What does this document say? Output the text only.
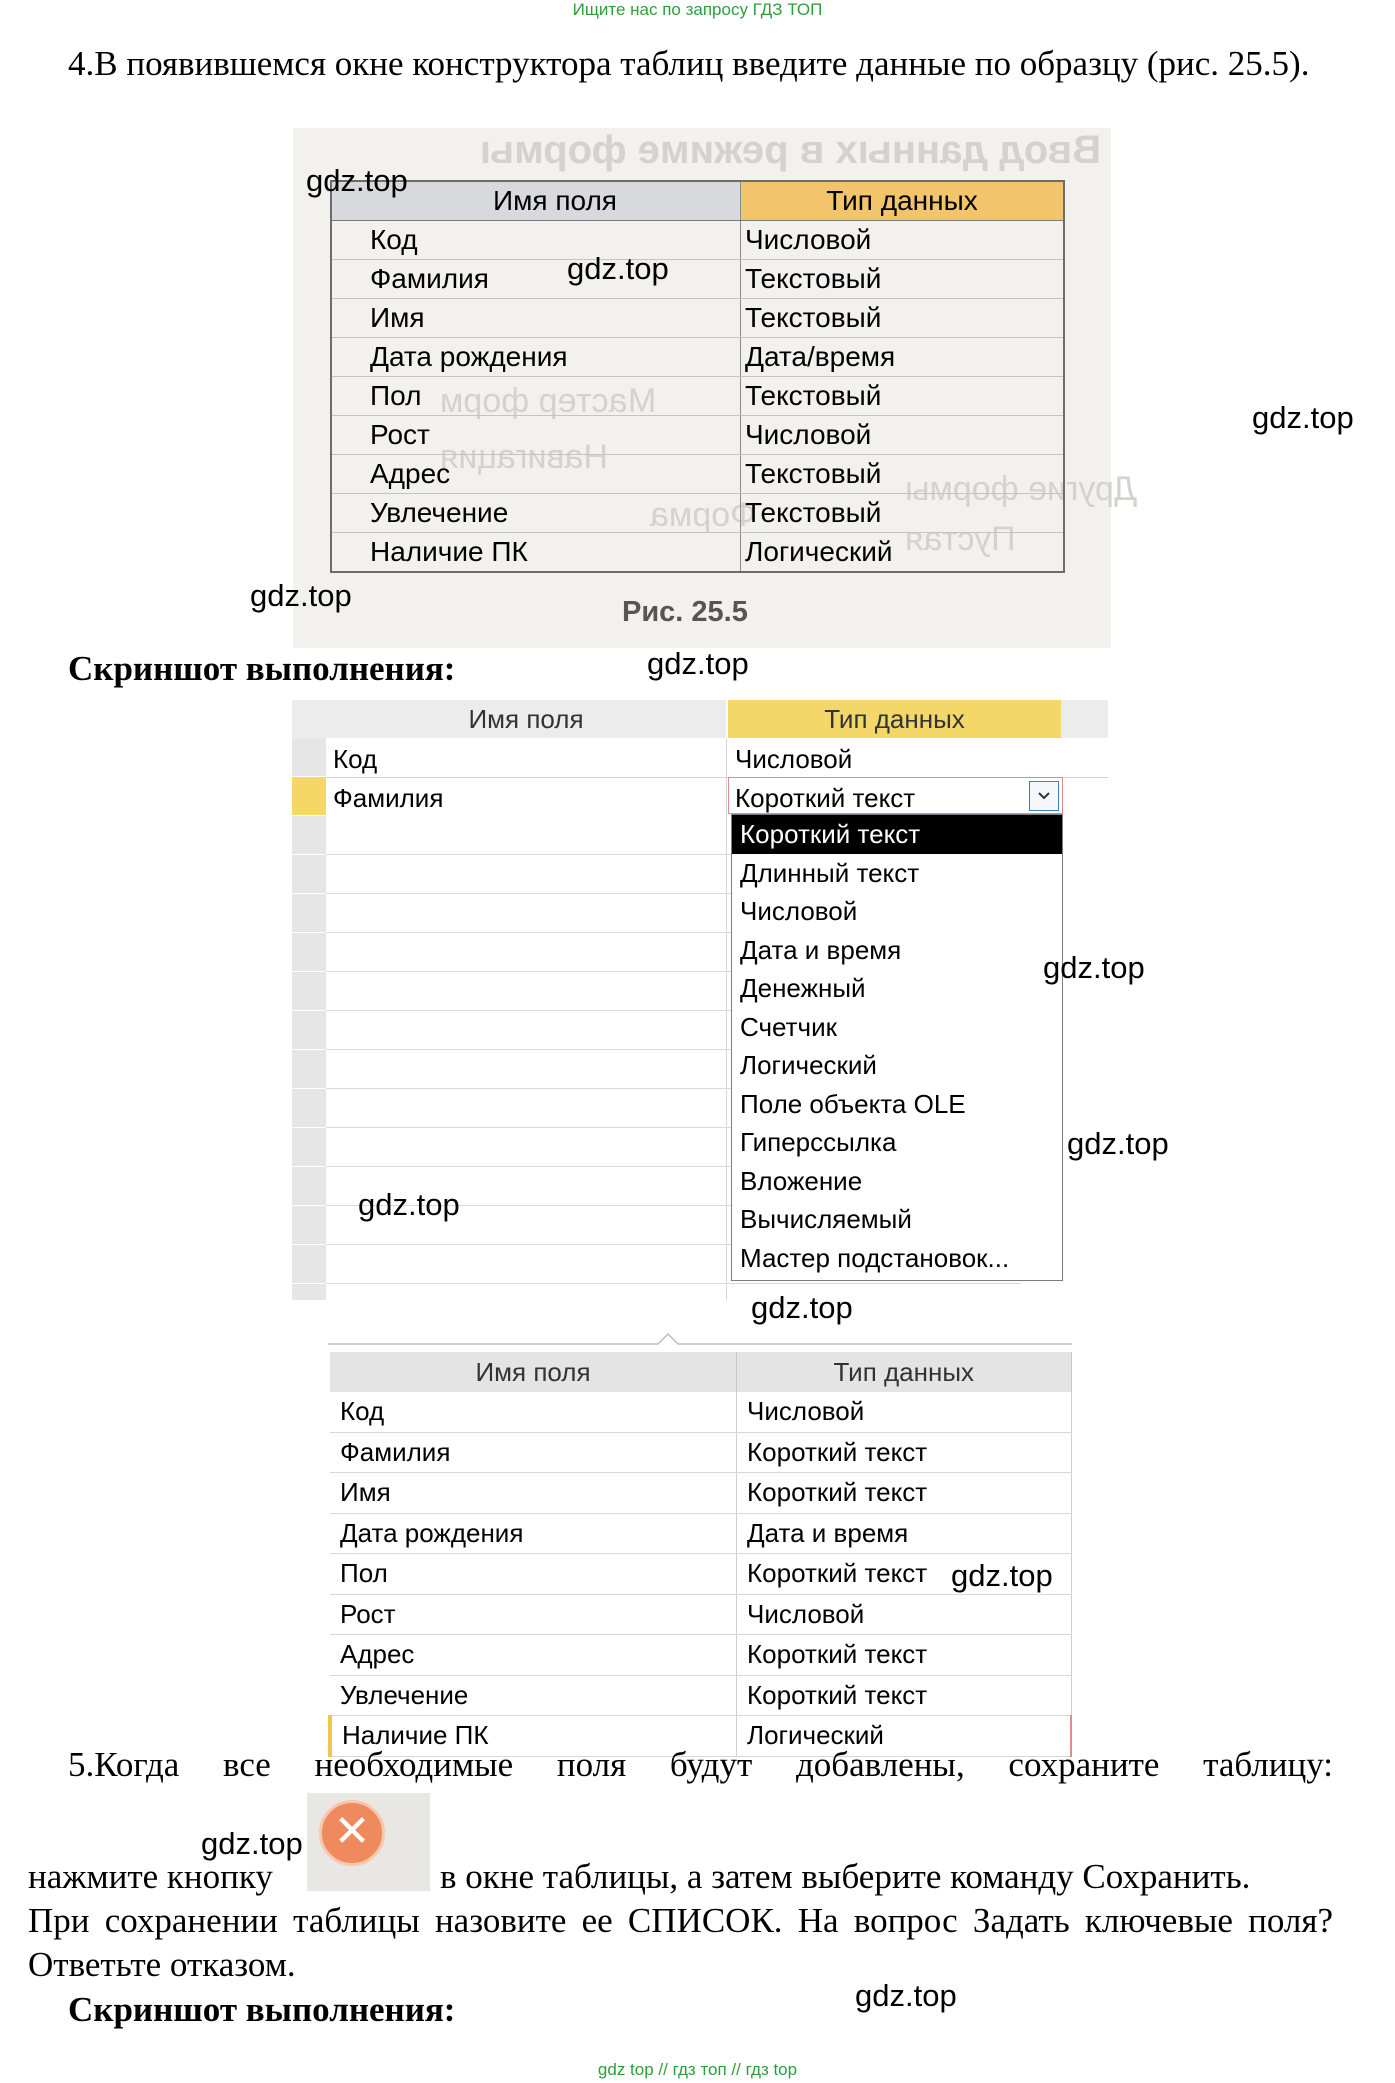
Ищите нас по запросу ГДЗ ТОП
4.В появившемся окне конструктора таблиц введите данные по образцу (рис. 25.5).
Ввод данных в режиме формы
Мастер форм
Навигация
Форма
Другие формы
Пустая
Имя поля	Тип данных
Код	Числовой
Фамилия	Текстовый
Имя	Текстовый
Дата рождения	Дата/время
Пол	Текстовый
Рост	Числовой
Адрес	Текстовый
Увлечение	Текстовый
Наличие ПК	Логический
Рис. 25.5
Скриншот выполнения:
Имя поля	Тип данных
Код	Числовой
Фамилия	Короткий текст
Короткий текст
Длинный текст
Числовой
Дата и время
Денежный
Счетчик
Логический
Поле объекта OLE
Гиперссылка
Вложение
Вычисляемый
Мастер подстановок...
Имя поля	Тип данных
Код	Числовой
Фамилия	Короткий текст
Имя	Короткий текст
Дата рождения	Дата и время
Пол	Короткий текст
Рост	Числовой
Адрес	Короткий текст
Увлечение	Короткий текст
Наличие ПК	Логический
5.Когда все необходимые поля будут добавлены, сохраните таблицу:
✕
нажмите кнопку	в окне таблицы, а затем выберите команду Сохранить.
При сохранении таблицы назовите ее СПИСОК. На вопрос Задать ключевые поля? Ответьте отказом.
Скриншот выполнения:
gdz.top
gdz.top
gdz.top
gdz.top
gdz.top
gdz.top
gdz.top
gdz.top
gdz.top
gdz.top
gdz.top
gdz.top
gdz top // гдз топ // гдз top
